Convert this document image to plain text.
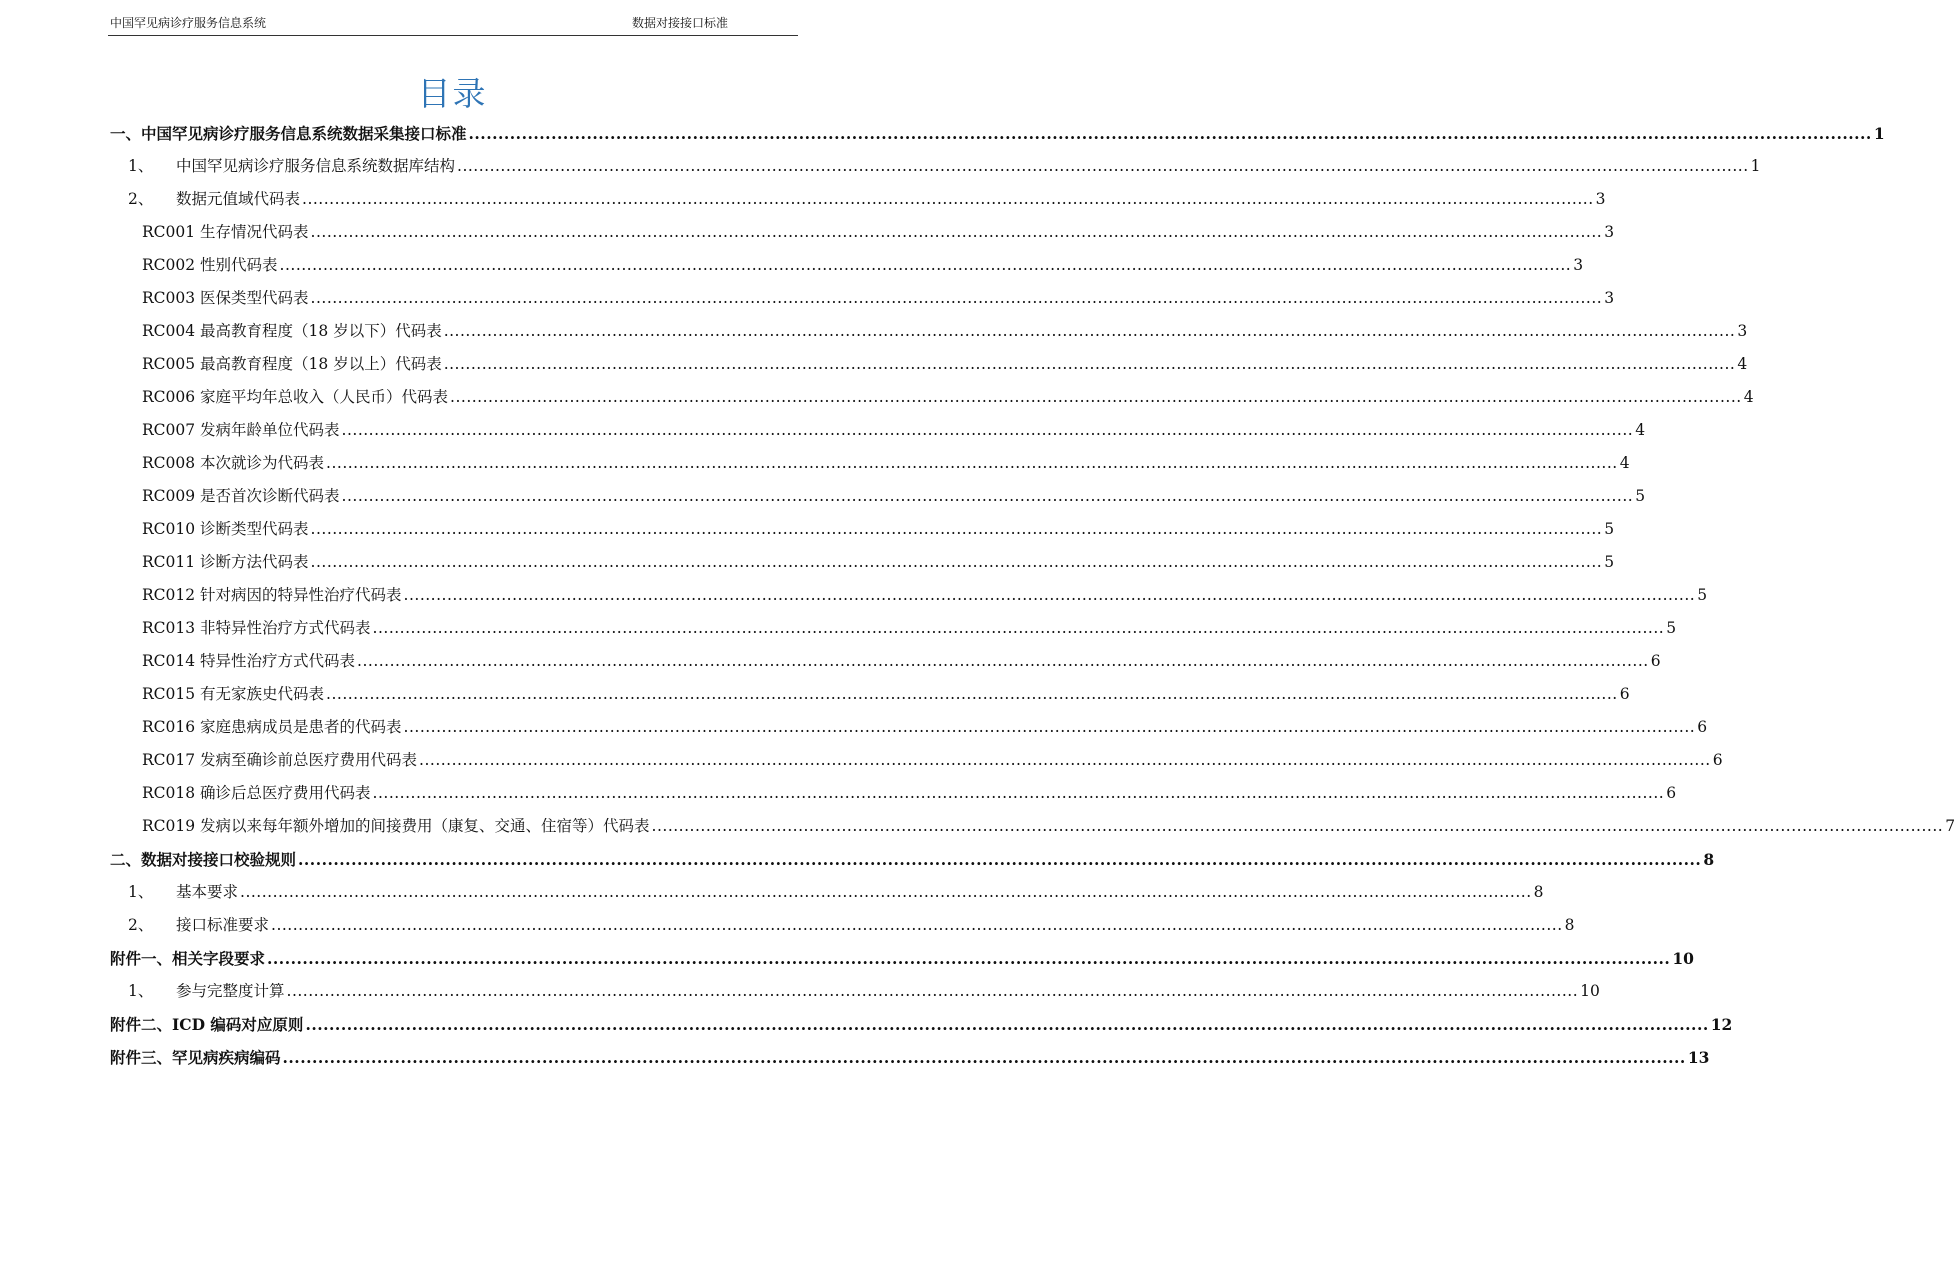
中国罕见病诊疗服务信息系统	数据对接接口标准
目录
一、中国罕见病诊疗服务信息系统数据采集接口标准 .............................................................................................................................................................................................................................................. 1
1、	中国罕见病诊疗服务信息系统数据库结构 .............................................................................................................................................................................................................................................. 1
2、	数据元值域代码表 .............................................................................................................................................................................................................................................. 3
RC001 生存情况代码表 .............................................................................................................................................................................................................................................. 3
RC002 性别代码表 .............................................................................................................................................................................................................................................. 3
RC003 医保类型代码表 .............................................................................................................................................................................................................................................. 3
RC004 最高教育程度（18 岁以下）代码表 .............................................................................................................................................................................................................................................. 3
RC005 最高教育程度（18 岁以上）代码表 .............................................................................................................................................................................................................................................. 4
RC006 家庭平均年总收入（人民币）代码表 .............................................................................................................................................................................................................................................. 4
RC007 发病年龄单位代码表 .............................................................................................................................................................................................................................................. 4
RC008 本次就诊为代码表 .............................................................................................................................................................................................................................................. 4
RC009 是否首次诊断代码表 .............................................................................................................................................................................................................................................. 5
RC010 诊断类型代码表 .............................................................................................................................................................................................................................................. 5
RC011 诊断方法代码表 .............................................................................................................................................................................................................................................. 5
RC012 针对病因的特异性治疗代码表 .............................................................................................................................................................................................................................................. 5
RC013 非特异性治疗方式代码表 .............................................................................................................................................................................................................................................. 5
RC014 特异性治疗方式代码表 .............................................................................................................................................................................................................................................. 6
RC015 有无家族史代码表 .............................................................................................................................................................................................................................................. 6
RC016 家庭患病成员是患者的代码表 .............................................................................................................................................................................................................................................. 6
RC017 发病至确诊前总医疗费用代码表 .............................................................................................................................................................................................................................................. 6
RC018 确诊后总医疗费用代码表 .............................................................................................................................................................................................................................................. 6
RC019 发病以来每年额外增加的间接费用（康复、交通、住宿等）代码表 .............................................................................................................................................................................................................................................. 7
二、数据对接接口校验规则 .............................................................................................................................................................................................................................................. 8
1、	基本要求 .............................................................................................................................................................................................................................................. 8
2、	接口标准要求 .............................................................................................................................................................................................................................................. 8
附件一、相关字段要求 .............................................................................................................................................................................................................................................. 10
1、	参与完整度计算 .............................................................................................................................................................................................................................................. 10
附件二、ICD 编码对应原则 .............................................................................................................................................................................................................................................. 12
附件三、罕见病疾病编码 .............................................................................................................................................................................................................................................. 13
